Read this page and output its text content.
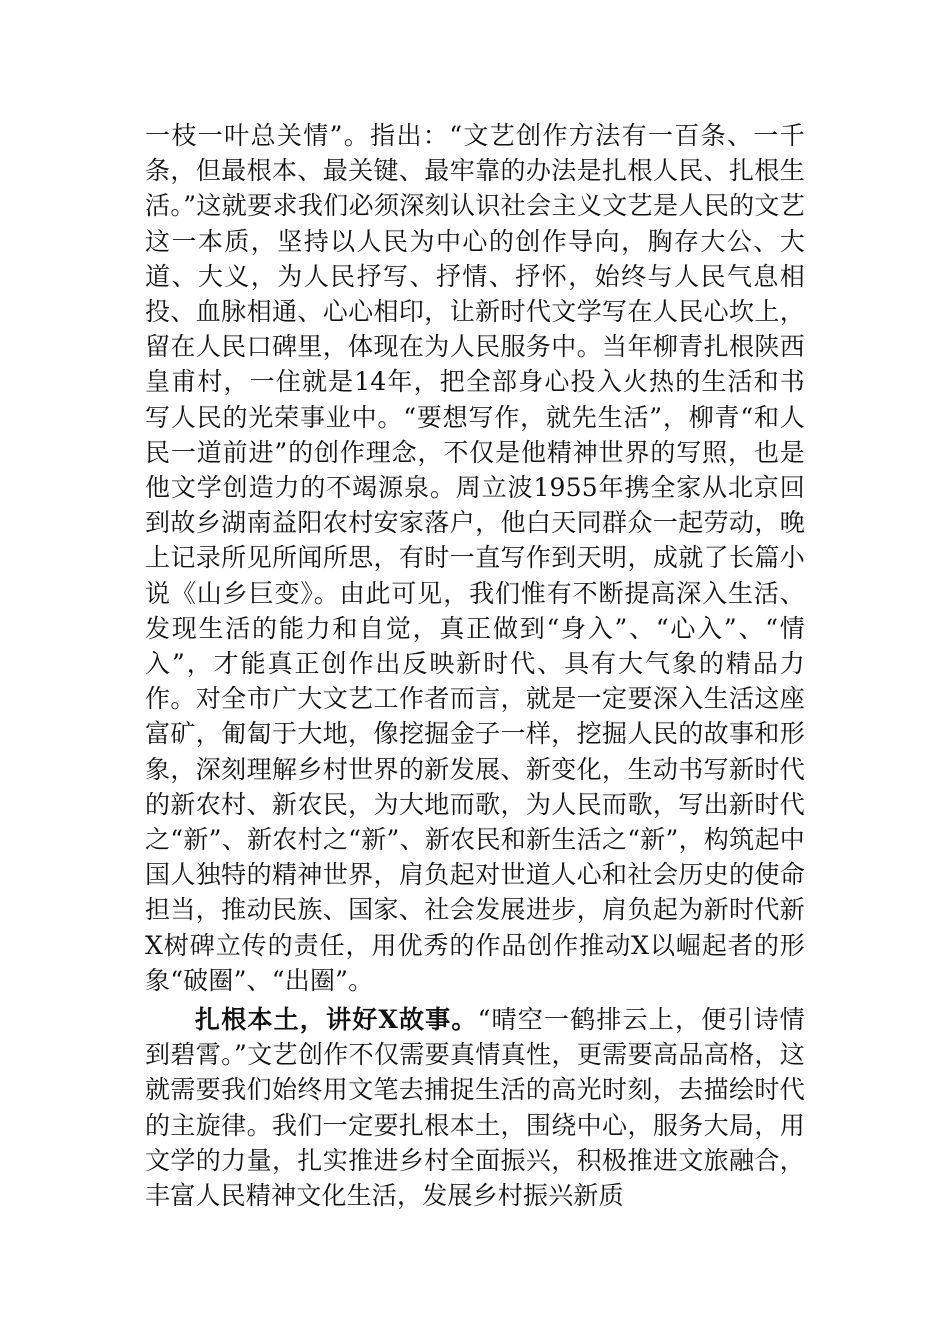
一枝一叶总关情”。指出：“文艺创作方法有一百条、一千条，但最根本、最关键、最牢靠的办法是扎根人民、扎根生活。”这就要求我们必须深刻认识社会主义文艺是人民的文艺这一本质，坚持以人民为中心的创作导向，胸存大公、大道、大义，为人民抒写、抒情、抒怀，始终与人民气息相投、血脉相通、心心相印，让新时代文学写在人民心坎上，留在人民口碑里，体现在为人民服务中。当年柳青扎根陕西皇甫村，一住就是14年，把全部身心投入火热的生活和书写人民的光荣事业中。“要想写作，就先生活”，柳青“和人民一道前进”的创作理念，不仅是他精神世界的写照，也是他文学创造力的不竭源泉。周立波1955年携全家从北京回到故乡湖南益阳农村安家落户，他白天同群众一起劳动，晚上记录所见所闻所思，有时一直写作到天明，成就了长篇小说《山乡巨变》。由此可见，我们惟有不断提高深入生活、发现生活的能力和自觉，真正做到“身入”、“心入”、“情入”，才能真正创作出反映新时代、具有大气象的精品力作。对全市广大文艺工作者而言，就是一定要深入生活这座富矿，匍匐于大地，像挖掘金子一样，挖掘人民的故事和形象，深刻理解乡村世界的新发展、新变化，生动书写新时代的新农村、新农民，为大地而歌，为人民而歌，写出新时代之“新”、新农村之“新”、新农民和新生活之“新”，构筑起中国人独特的精神世界，肩负起对世道人心和社会历史的使命担当，推动民族、国家、社会发展进步，肩负起为新时代新X树碑立传的责任，用优秀的作品创作推动X以崛起者的形象“破圈”、“出圈”。

扎根本土，讲好X故事。“晴空一鹤排云上，便引诗情到碧霄。”文艺创作不仅需要真情真性，更需要高品高格，这就需要我们始终用文笔去捕捉生活的高光时刻，去描绘时代的主旋律。我们一定要扎根本土，围绕中心，服务大局，用文学的力量，扎实推进乡村全面振兴，积极推进文旅融合，丰富人民精神文化生活，发展乡村振兴新质
